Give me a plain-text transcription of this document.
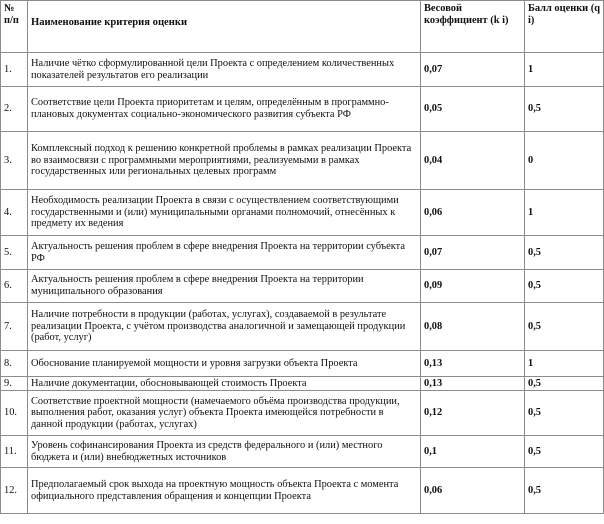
№ п/п	Наименование критерия оценки	Весовой коэффициент (k i)	Балл оценки (q i)
1.	Наличие чётко сформулированной цели Проекта с определением количественных показателей результатов его реализации	0,07	1
2.	Соответствие цели Проекта приоритетам и целям, определённым в программно-плановых документах социально-экономического развития субъекта РФ	0,05	0,5
3.	Комплексный подход к решению конкретной проблемы в рамках реализации Проекта во взаимосвязи с программными мероприятиями, реализуемыми в рамках государственных или региональных целевых программ	0,04	0
4.	Необходимость реализации Проекта в связи с осуществлением соответствующими государственными и (или) муниципальными органами полномочий, отнесённых к предмету их ведения	0,06	1
5.	Актуальность решения проблем в сфере внедрения Проекта на территории субъекта РФ	0,07	0,5
6.	Актуальность решения проблем в сфере внедрения Проекта на территории муниципального образования	0,09	0,5
7.	Наличие потребности в продукции (работах, услугах), создаваемой в результате реализации Проекта, с учётом производства аналогичной и замещающей продукции (работ, услуг)	0,08	0,5
8.	Обоснование планируемой мощности и уровня загрузки объекта Проекта	0,13	1
9.	Наличие документации, обосновывающей стоимость Проекта	0,13	0,5
10.	Соответствие проектной мощности (намечаемого объёма производства продукции, выполнения работ, оказания услуг) объекта Проекта имеющейся потребности в данной продукции (работах, услугах)	0,12	0,5
11.	Уровень софинансирования Проекта из средств федерального и (или) местного бюджета и (или) внебюджетных источников	0,1	0,5
12.	Предполагаемый срок выхода на проектную мощность объекта Проекта с момента официального представления обращения и концепции Проекта	0,06	0,5
